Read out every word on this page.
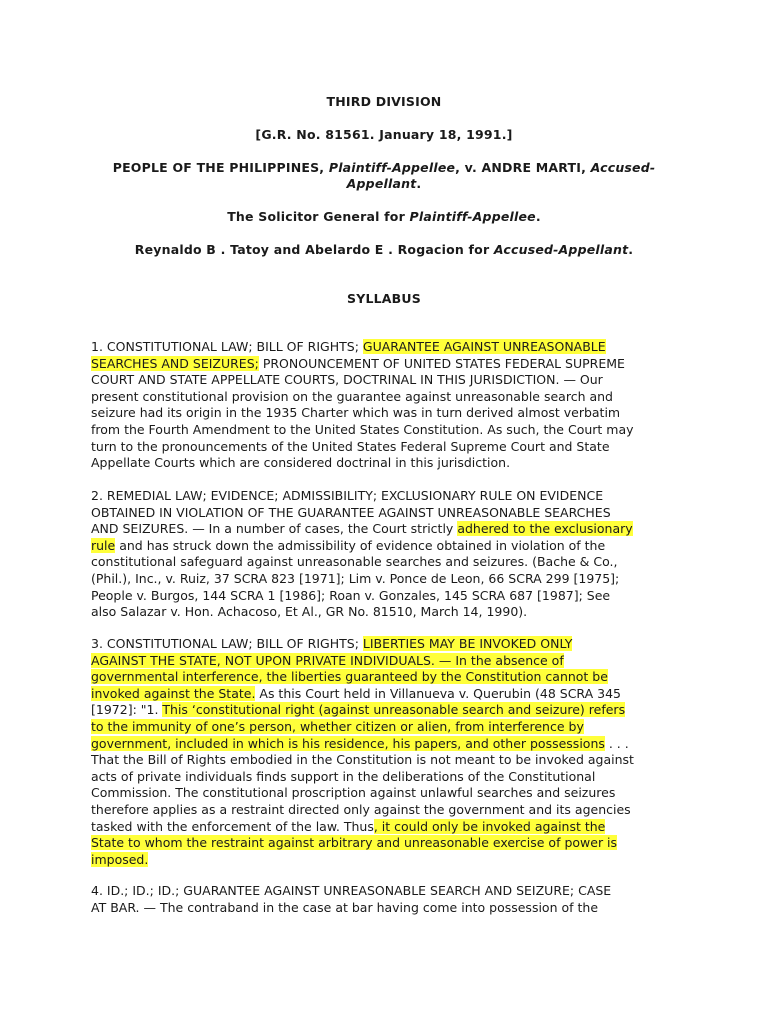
THIRD DIVISION
[G.R. No. 81561. January 18, 1991.]
PEOPLE OF THE PHILIPPINES, Plaintiff-Appellee, v. ANDRE MARTI, Accused-
Appellant.
The Solicitor General for Plaintiff-Appellee.
Reynaldo B . Tatoy and Abelardo E . Rogacion for Accused-Appellant.
SYLLABUS
1. CONSTITUTIONAL LAW; BILL OF RIGHTS; GUARANTEE AGAINST UNREASONABLE
SEARCHES AND SEIZURES; PRONOUNCEMENT OF UNITED STATES FEDERAL SUPREME
COURT AND STATE APPELLATE COURTS, DOCTRINAL IN THIS JURISDICTION. — Our
present constitutional provision on the guarantee against unreasonable search and
seizure had its origin in the 1935 Charter which was in turn derived almost verbatim
from the Fourth Amendment to the United States Constitution. As such, the Court may
turn to the pronouncements of the United States Federal Supreme Court and State
Appellate Courts which are considered doctrinal in this jurisdiction.
2. REMEDIAL LAW; EVIDENCE; ADMISSIBILITY; EXCLUSIONARY RULE ON EVIDENCE
OBTAINED IN VIOLATION OF THE GUARANTEE AGAINST UNREASONABLE SEARCHES
AND SEIZURES. — In a number of cases, the Court strictly adhered to the exclusionary
rule and has struck down the admissibility of evidence obtained in violation of the
constitutional safeguard against unreasonable searches and seizures. (Bache & Co.,
(Phil.), Inc., v. Ruiz, 37 SCRA 823 [1971]; Lim v. Ponce de Leon, 66 SCRA 299 [1975];
People v. Burgos, 144 SCRA 1 [1986]; Roan v. Gonzales, 145 SCRA 687 [1987]; See
also Salazar v. Hon. Achacoso, Et Al., GR No. 81510, March 14, 1990).
3. CONSTITUTIONAL LAW; BILL OF RIGHTS; LIBERTIES MAY BE INVOKED ONLY
AGAINST THE STATE, NOT UPON PRIVATE INDIVIDUALS. — In the absence of
governmental interference, the liberties guaranteed by the Constitution cannot be
invoked against the State. As this Court held in Villanueva v. Querubin (48 SCRA 345
[1972]: "1. This ‘constitutional right (against unreasonable search and seizure) refers
to the immunity of one’s person, whether citizen or alien, from interference by
government, included in which is his residence, his papers, and other possessions . . .
That the Bill of Rights embodied in the Constitution is not meant to be invoked against
acts of private individuals finds support in the deliberations of the Constitutional
Commission. The constitutional proscription against unlawful searches and seizures
therefore applies as a restraint directed only against the government and its agencies
tasked with the enforcement of the law. Thus, it could only be invoked against the
State to whom the restraint against arbitrary and unreasonable exercise of power is
imposed.
4. ID.; ID.; ID.; GUARANTEE AGAINST UNREASONABLE SEARCH AND SEIZURE; CASE
AT BAR. — The contraband in the case at bar having come into possession of the
